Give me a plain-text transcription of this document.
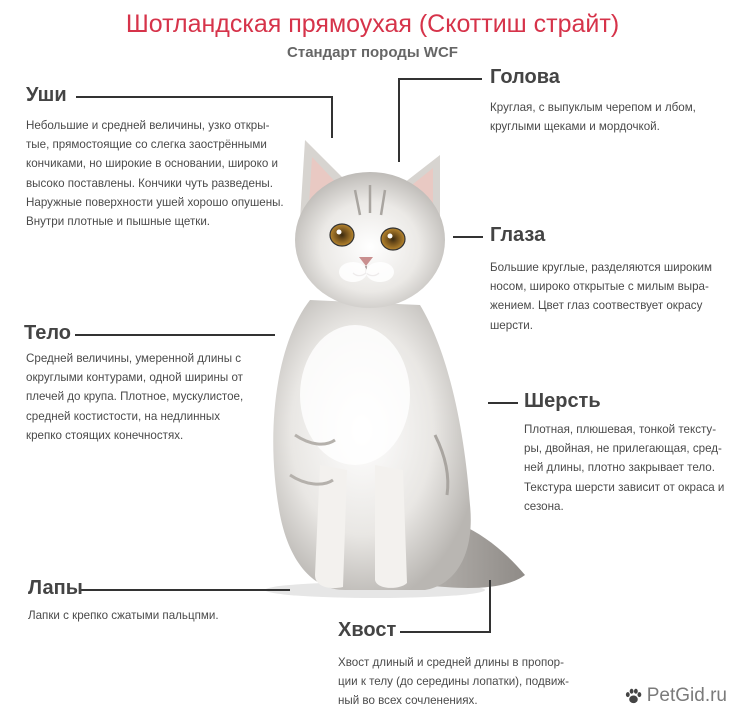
Шотландская прямоухая (Скоттиш страйт)
Стандарт породы WCF
Уши
Небольшие и средней величины, узко откры-
тые, прямостоящие со слегка заострёнными
кончиками, но широкие в основании, широко и
высоко поставлены. Кончики чуть разведены.
Наружные поверхности ушей хорошо опушены.
Внутри плотные и пышные щетки.
Голова
Круглая, с выпуклым черепом и лбом,
круглыми щеками и мордочкой.
Глаза
Большие круглые, разделяются широким
носом, широко открытые с милым выра-
жением. Цвет глаз соотвествует окрасу
шерсти.
Тело
Средней величины, умеренной длины с
округлыми контурами, одной ширины от
плечей до крупа. Плотное, мускулистое,
средней костистости, на недлинных
крепко стоящих конечностях.
Шерсть
Плотная, плюшевая, тонкой тексту-
ры, двойная, не прилегающая, сред-
ней длины, плотно закрывает тело.
Текстура шерсти зависит от окраса и
сезона.
Лапы
Лапки с крепко сжатыми пальцпми.
Хвост
Хвост длиный и средней длины в пропор-
ции к телу (до середины лопатки), подвиж-
ный во всех сочленениях.	PetGid.ru
